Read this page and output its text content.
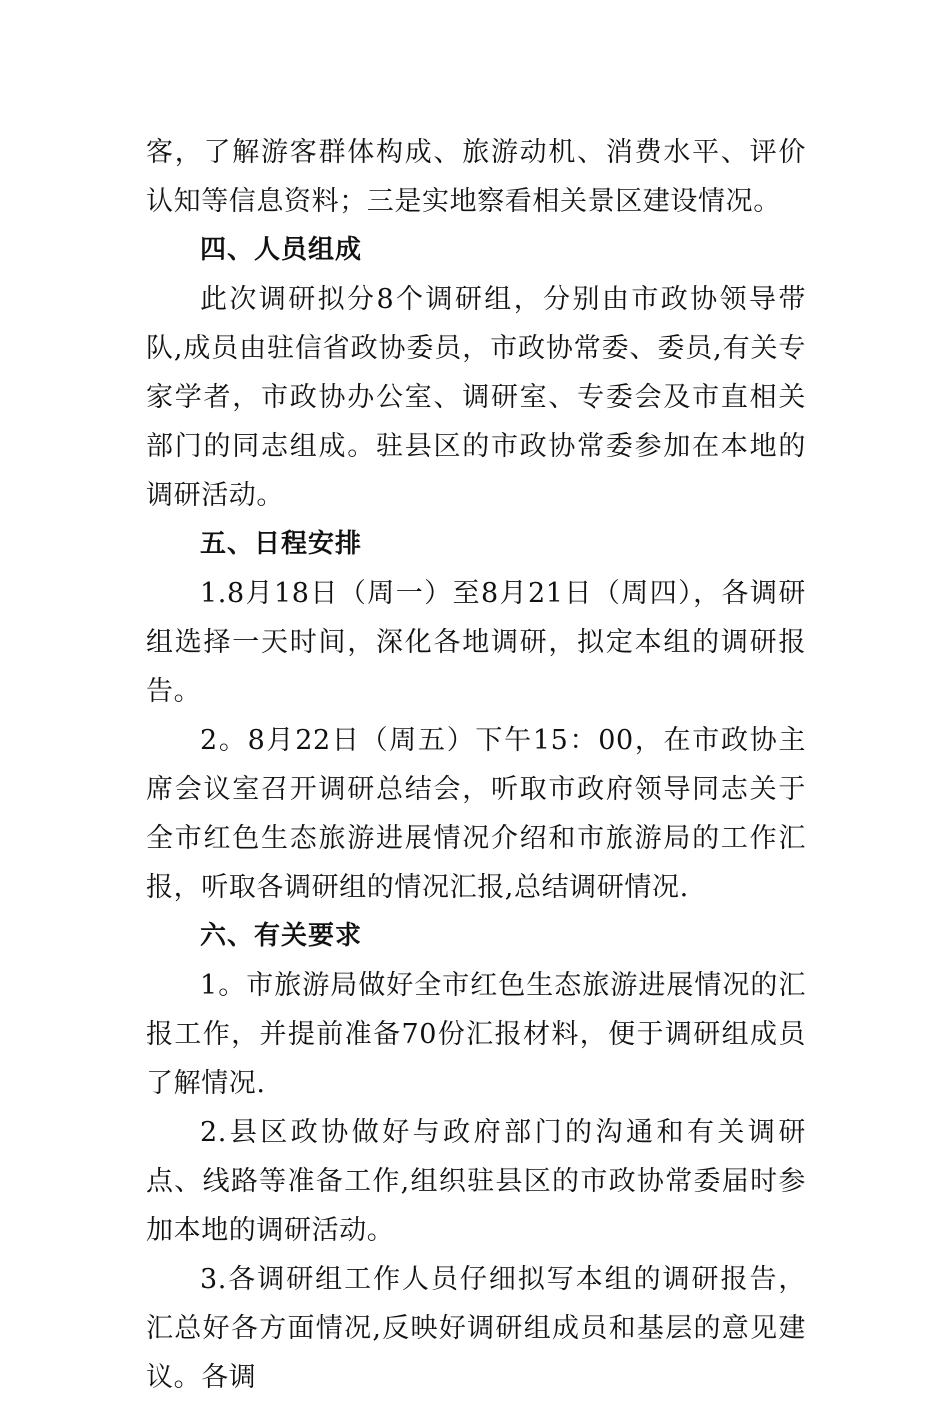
客，了解游客群体构成、旅游动机、消费水平、评价认知等信息资料；三是实地察看相关景区建设情况。

四、人员组成

此次调研拟分8个调研组，分别由市政协领导带队,成员由驻信省政协委员，市政协常委、委员,有关专家学者，市政协办公室、调研室、专委会及市直相关部门的同志组成。驻县区的市政协常委参加在本地的调研活动。

五、日程安排

1.8月18日（周一）至8月21日（周四），各调研组选择一天时间，深化各地调研，拟定本组的调研报告。

2。8月22日（周五）下午15：00，在市政协主席会议室召开调研总结会，听取市政府领导同志关于全市红色生态旅游进展情况介绍和市旅游局的工作汇报，听取各调研组的情况汇报,总结调研情况.

六、有关要求

1。市旅游局做好全市红色生态旅游进展情况的汇报工作，并提前准备70份汇报材料，便于调研组成员了解情况.

2.县区政协做好与政府部门的沟通和有关调研点、线路等准备工作,组织驻县区的市政协常委届时参加本地的调研活动。

3.各调研组工作人员仔细拟写本组的调研报告，汇总好各方面情况,反映好调研组成员和基层的意见建议。各调
